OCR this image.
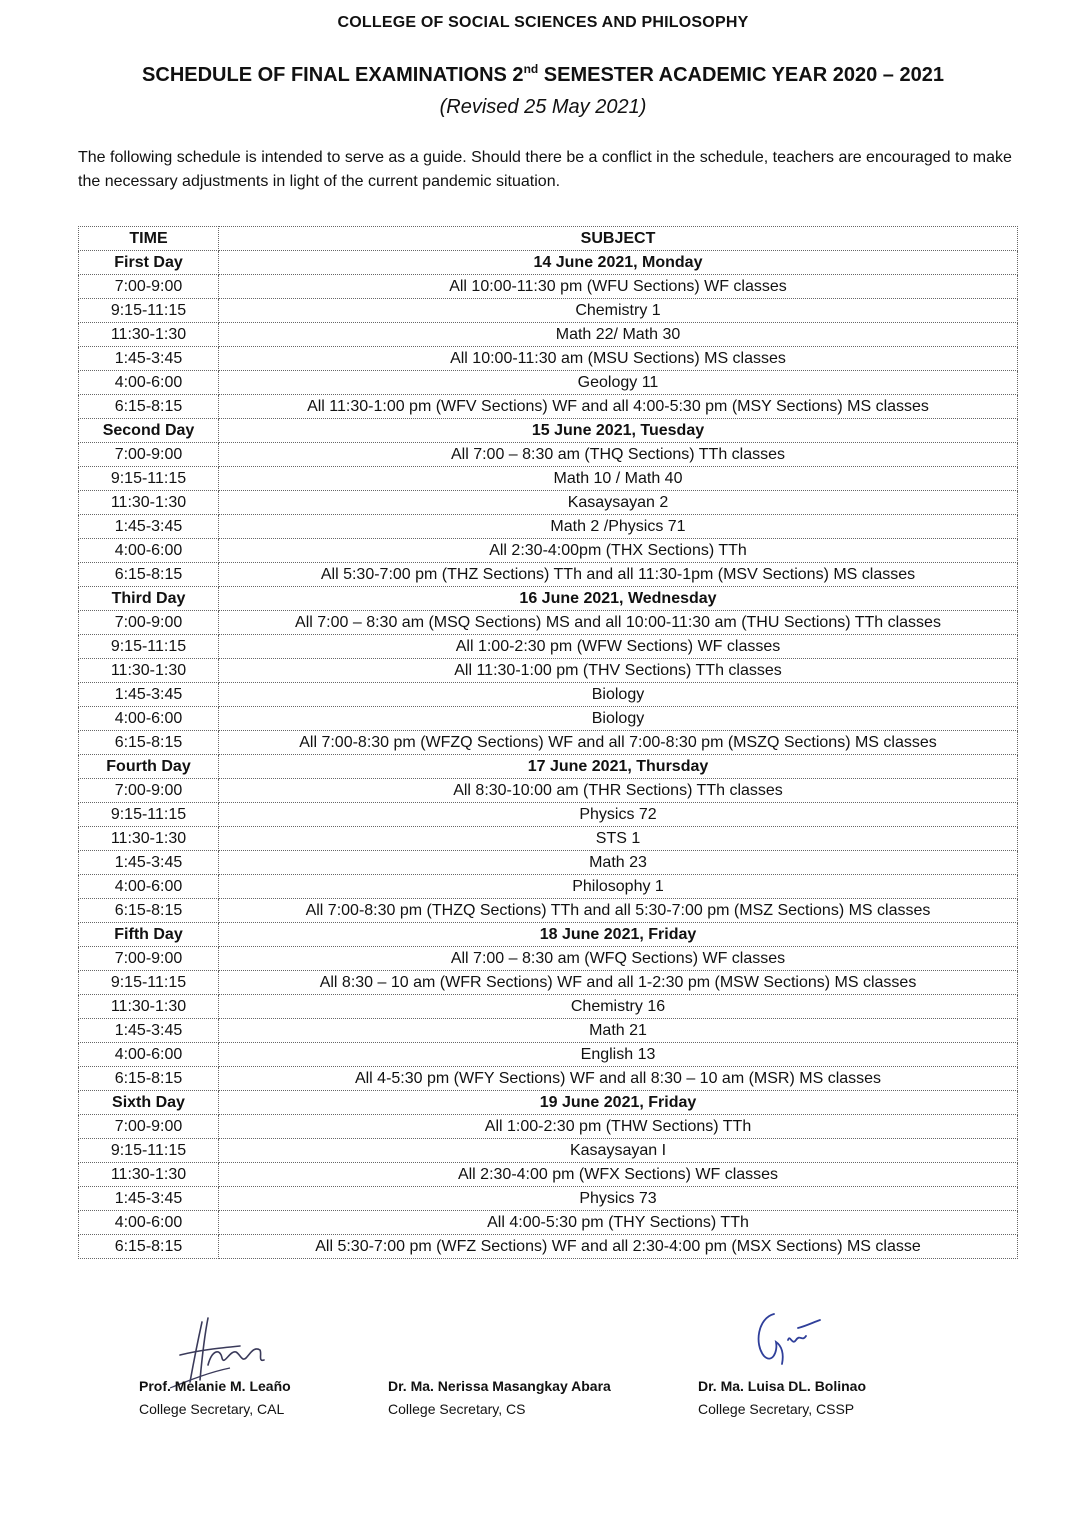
COLLEGE OF SOCIAL SCIENCES AND PHILOSOPHY
SCHEDULE OF FINAL EXAMINATIONS 2nd SEMESTER ACADEMIC YEAR 2020 – 2021
(Revised 25 May 2021)
The following schedule is intended to serve as a guide. Should there be a conflict in the schedule, teachers are encouraged to make the necessary adjustments in light of the current pandemic situation.
TIME	SUBJECT
First Day	14 June 2021, Monday
7:00-9:00	All 10:00-11:30 pm (WFU Sections) WF classes
9:15-11:15	Chemistry 1
11:30-1:30	Math 22/ Math 30
1:45-3:45	All 10:00-11:30 am (MSU Sections) MS classes
4:00-6:00	Geology 11
6:15-8:15	All 11:30-1:00 pm (WFV Sections) WF and all 4:00-5:30 pm (MSY Sections) MS classes
Second Day	15 June 2021, Tuesday
7:00-9:00	All 7:00 – 8:30 am (THQ Sections) TTh classes
9:15-11:15	Math 10 / Math 40
11:30-1:30	Kasaysayan 2
1:45-3:45	Math 2 /Physics 71
4:00-6:00	All 2:30-4:00pm (THX Sections) TTh
6:15-8:15	All 5:30-7:00 pm (THZ Sections) TTh and all 11:30-1pm (MSV Sections) MS classes
Third Day	16 June 2021, Wednesday
7:00-9:00	All 7:00 – 8:30 am (MSQ Sections) MS and all 10:00-11:30 am (THU Sections) TTh classes
9:15-11:15	All 1:00-2:30 pm (WFW Sections) WF classes
11:30-1:30	All 11:30-1:00 pm (THV Sections) TTh classes
1:45-3:45	Biology
4:00-6:00	Biology
6:15-8:15	All 7:00-8:30 pm (WFZQ Sections) WF and all 7:00-8:30 pm (MSZQ Sections) MS classes
Fourth Day	17 June 2021, Thursday
7:00-9:00	All 8:30-10:00 am (THR Sections) TTh classes
9:15-11:15	Physics 72
11:30-1:30	STS 1
1:45-3:45	Math 23
4:00-6:00	Philosophy 1
6:15-8:15	All 7:00-8:30 pm (THZQ Sections) TTh and all 5:30-7:00 pm (MSZ Sections) MS classes
Fifth Day	18 June 2021, Friday
7:00-9:00	All 7:00 – 8:30 am (WFQ Sections) WF classes
9:15-11:15	All 8:30 – 10 am (WFR Sections) WF and all 1-2:30 pm (MSW Sections) MS classes
11:30-1:30	Chemistry 16
1:45-3:45	Math 21
4:00-6:00	English 13
6:15-8:15	All 4-5:30 pm (WFY Sections) WF and all 8:30 – 10 am (MSR) MS classes
Sixth Day	19 June 2021, Friday
7:00-9:00	All 1:00-2:30 pm (THW Sections) TTh
9:15-11:15	Kasaysayan I
11:30-1:30	All 2:30-4:00 pm (WFX Sections) WF classes
1:45-3:45	Physics 73
4:00-6:00	All 4:00-5:30 pm (THY Sections) TTh
6:15-8:15	All 5:30-7:00 pm (WFZ Sections) WF and all 2:30-4:00 pm (MSX Sections) MS classe
Prof. Melanie M. Leaño
College Secretary, CAL
Dr. Ma. Nerissa Masangkay Abara
College Secretary, CS
Dr. Ma. Luisa DL. Bolinao
College Secretary, CSSP
